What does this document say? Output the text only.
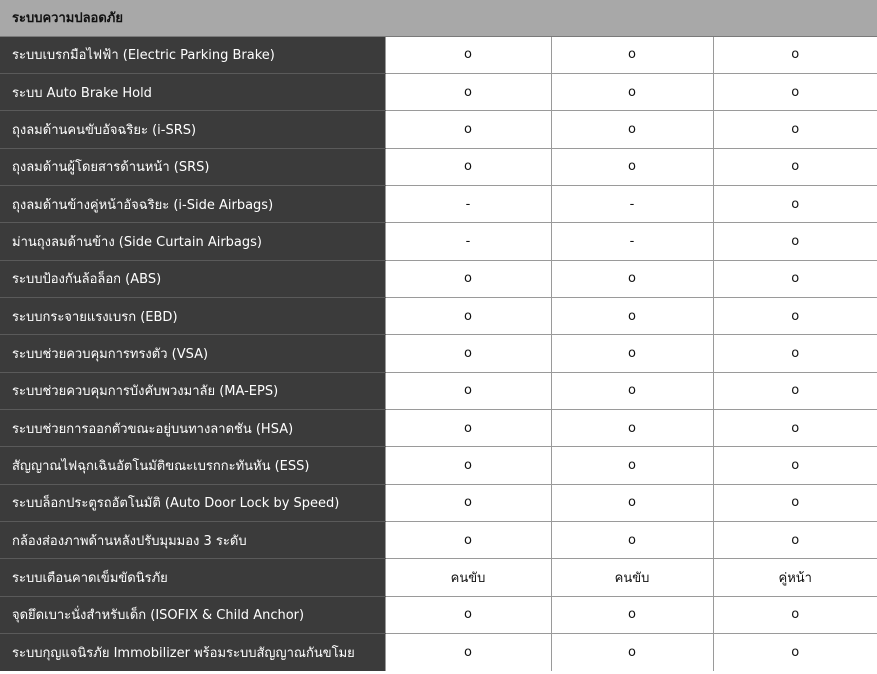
ระบบความปลอดภัย			
ระบบเบรกมือไฟฟ้า (Electric Parking Brake)	o	o	o
ระบบ Auto Brake Hold	o	o	o
ถุงลมด้านคนขับอัจฉริยะ (i-SRS)	o	o	o
ถุงลมด้านผู้โดยสารด้านหน้า (SRS)	o	o	o
ถุงลมด้านข้างคู่หน้าอัจฉริยะ (i-Side Airbags)	-	-	o
ม่านถุงลมด้านข้าง (Side Curtain Airbags)	-	-	o
ระบบป้องกันล้อล็อก (ABS)	o	o	o
ระบบกระจายแรงเบรก (EBD)	o	o	o
ระบบช่วยควบคุมการทรงตัว (VSA)	o	o	o
ระบบช่วยควบคุมการบังคับพวงมาลัย (MA-EPS)	o	o	o
ระบบช่วยการออกตัวขณะอยู่บนทางลาดชัน (HSA)	o	o	o
สัญญาณไฟฉุกเฉินอัตโนมัติขณะเบรกกะทันหัน (ESS)	o	o	o
ระบบล็อกประตูรถอัตโนมัติ (Auto Door Lock by Speed)	o	o	o
กล้องส่องภาพด้านหลังปรับมุมมอง 3 ระดับ	o	o	o
ระบบเตือนคาดเข็มขัดนิรภัย	คนขับ	คนขับ	คู่หน้า
จุดยึดเบาะนั่งสำหรับเด็ก (ISOFIX & Child Anchor)	o	o	o
ระบบกุญแจนิรภัย Immobilizer พร้อมระบบสัญญาณกันขโมย	o	o	o
